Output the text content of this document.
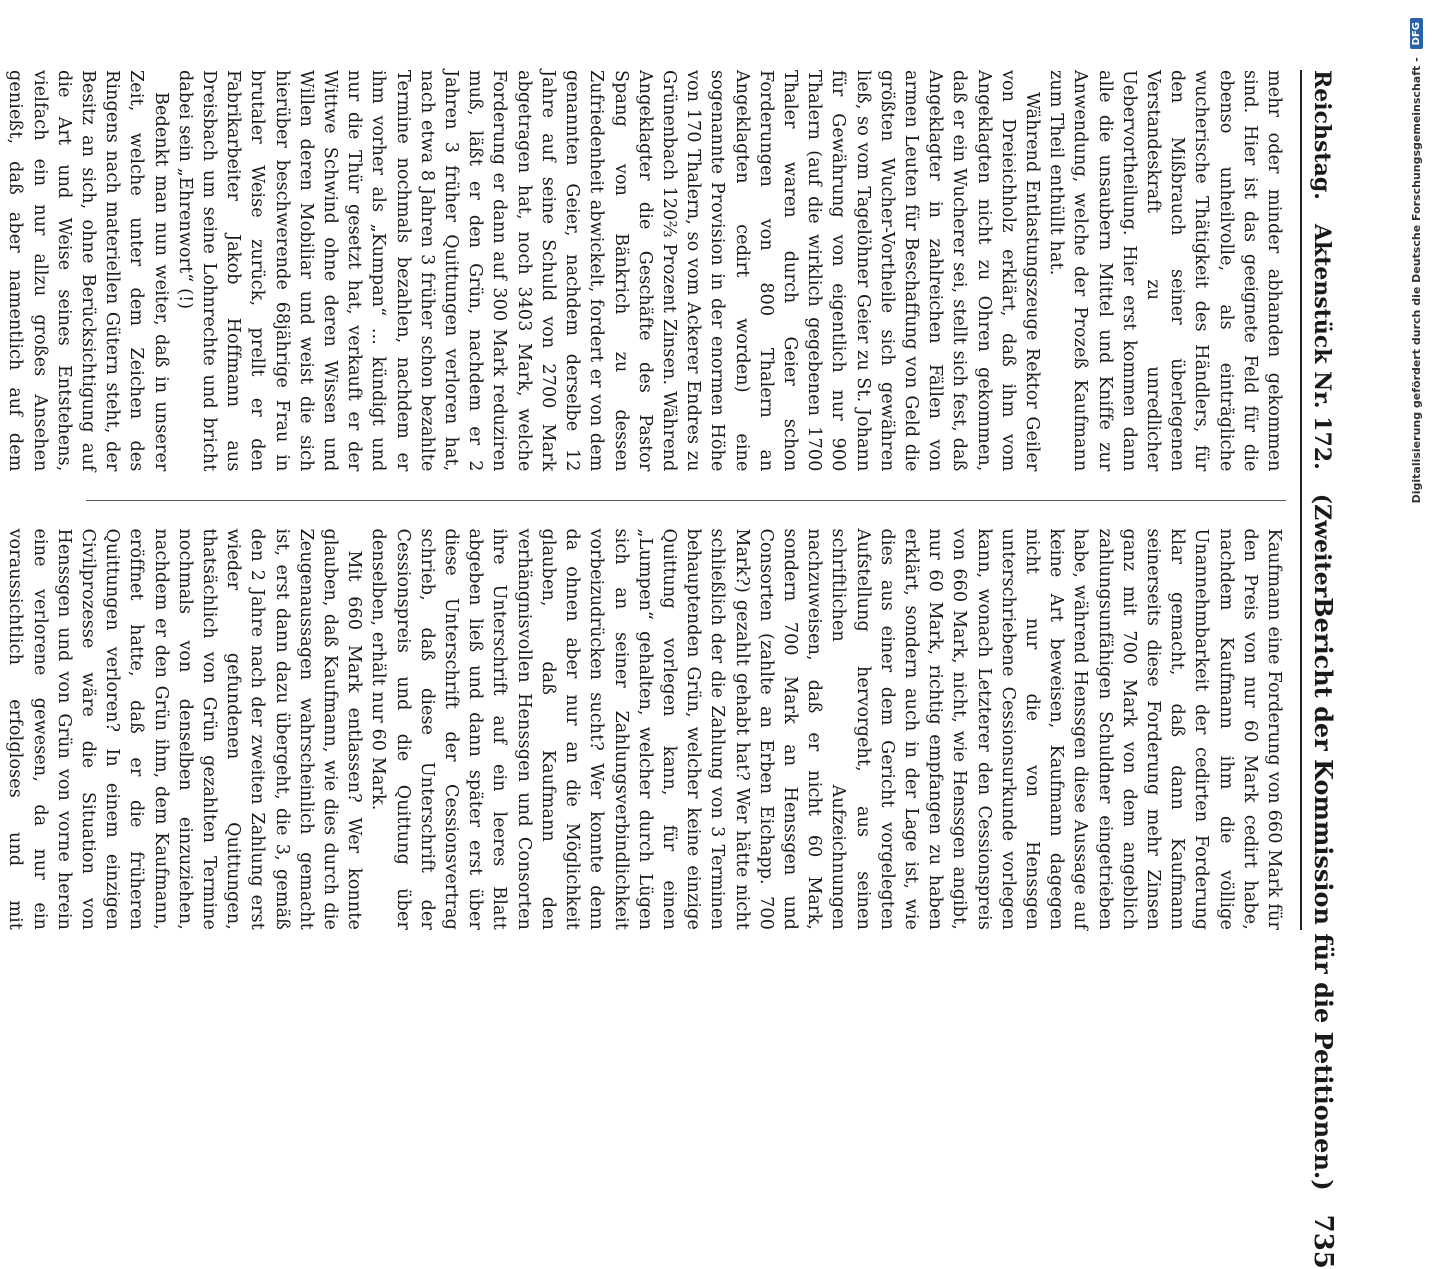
Reichstag.
Aktenstück Nr. 172.
(Zweiter
Bericht der Kommission für die Petitionen.)
735

mehr oder minder abhanden gekommen sind. Hier ist das geeignete Feld für die ebenso unheilvolle, als einträgliche wucherische Thätigkeit des Händlers, für den Mißbrauch seiner überlegenen Verstandeskraft zu unredlicher Uebervortheilung. Hier erst kommen dann alle die unsaubern Mittel und Kniffe zur Anwendung, welche der Prozeß Kaufmann zum Theil enthüllt hat.

Während Entlastungszeuge Rektor Geiler von Dreieichholz erklärt, daß ihm vom Angeklagten nicht zu Ohren gekommen, daß er ein Wucherer sei, stellt sich fest, daß Angeklagter in zahlreichen Fällen von armen Leuten für Beschaffung von Geld die größten Wucher-Vortheile sich gewähren ließ, so vom Tagelöhner Geier zu St. Johann für Gewährung von eigentlich nur 900 Thalern (auf die wirklich gegebenen 1700 Thaler waren durch Geier schon Forderungen von 800 Thalern an Angeklagten cedirt worden) eine sogenannte Provision in der enormen Höhe von 170 Thalern, so vom Ackerer Endres zu Grünenbach 120⅔ Prozent Zinsen. Während Angeklagter die Geschäfte des Pastor Spang von Bänkrich zu dessen Zufriedenheit abwickelt, fordert er von dem genannten Geier, nachdem derselbe 12 Jahre auf seine Schuld von 2700 Mark abgetragen hat, noch 3403 Mark, welche Forderung er dann auf 300 Mark reduziren muß, läßt er den Grün, nachdem er 2 Jahren 3 früher Quittungen verloren hat, nach etwa 8 Jahren 3 früher schon bezahlte Termine nochmals bezahlen, nachdem er ihm vorher als „Kumpan“ ... kündigt und nur die Thür gesetzt hat, verkauft er der Wittwe Schwind ohne deren Wissen und Willen deren Mobiliar und weist die sich hierüber beschwerende 68jährige Frau in brutaler Weise zurück, prellt er den Fabrikarbeiter Jakob Hoffmann aus Dreisbach um seine Lohnrechte und bricht dabei sein „Ehrenwort“ (!)

Bedenkt man nun weiter, daß in unserer Zeit, welche unter dem Zeichen des Ringens nach materiellen Gütern steht, der Besitz an sich, ohne Berücksichtigung auf die Art und Weise seines Entstehens, vielfach ein nur allzu großes Ansehen genießt, daß aber namentlich auf dem

Kaufmann eine Forderung von 660 Mark für den Preis von nur 60 Mark cedirt habe, nachdem Kaufmann ihm die völlige Unannehmbarkeit der cedirten Forderung klar gemacht, daß dann Kaufmann seinerseits diese Forderung mehr Zinsen ganz mit 700 Mark von dem angeblich zahlungsunfähigen Schuldner eingetrieben habe, während Henssgen diese Aussage auf keine Art beweisen, Kaufmann dagegen nicht nur die von Henssgen unterschriebene Cessionsurkunde vorlegen kann, wonach Letzterer den Cessionspreis von 660 Mark, nicht, wie Henssgen angibt, nur 60 Mark, richtig empfangen zu haben erklärt, sondern auch in der Lage ist, wie dies aus einer dem Gericht vorgelegten Aufstellung hervorgeht, aus seinen schriftlichen Aufzeichnungen nachzuweisen, daß er nicht 60 Mark, sondern 700 Mark an Henssgen und Consorten (zahlte an Erben Eichapp. 700 Mark?) gezahlt gehabt hat? Wer hätte nicht schließlich der die Zahlung von 3 Terminen behauptenden Grün, welcher keine einzige Quittung vorlegen kann, für einen „Lumpen“ gehalten, welcher durch Lügen sich an seiner Zahlungsverbindlichkeit vorbeizudrücken sucht? Wer konnte denn da ohnen aber nur an die Möglichkeit glauben, daß Kaufmann den verhängnisvollen Henssgen und Consorten ihre Unterschrift auf ein leeres Blatt abgeben ließ und dann später erst über diese Unterschrift der Cessionsvertrag schrieb, daß diese Unterschrift der Cessionspreis und die Quittung über denselben, erhält nur 60 Mark.

Mit 660 Mark entlassen? Wer konnte glauben, daß Kaufmann, wie dies durch die Zeugenaussagen wahrscheinlich gemacht ist, erst dann dazu übergeht, die 3, gemäß den 2 Jahre nach der zweiten Zahlung erst wieder gefundenen Quittungen, thatsächlich von Grün gezahlten Termine nochmals von denselben einzuziehen, nachdem er den Grün ihm, dem Kaufmann, eröffnet hatte, daß er die früheren Quittungen verloren? In einem einzigen Civilprozesse wäre die Situation von Henssgen und von Grün von vorne herein eine verlorene gewesen, da nur ein voraussichtlich erfolgloses und mit

Digitalisierung gefördert durch die Deutsche Forschungsgemeinschaft -
DFG
